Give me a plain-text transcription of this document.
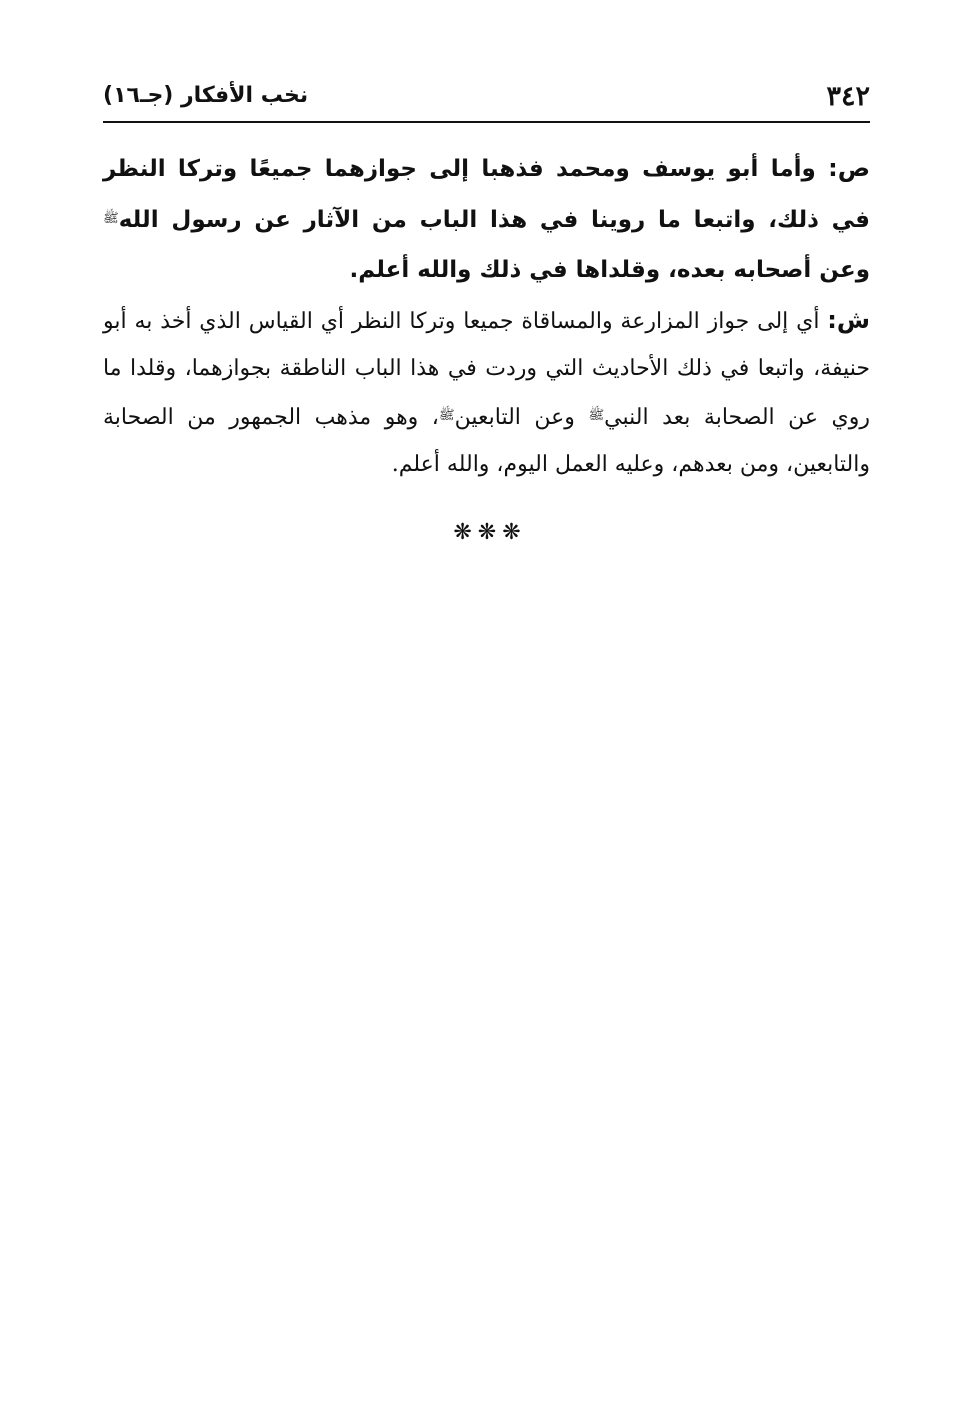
٣٤٢
نخب الأفكار (جـ١٦)
ص: وأما أبو يوسف ومحمد فذهبا إلى جوازهما جميعًا وتركا النظر في ذلك، واتبعا ما روينا في هذا الباب من الآثار عن رسول الله$^ﷺ$ وعن أصحابه بعده، وقلداها في ذلك والله أعلم.
ش: أي إلى جواز المزارعة والمساقاة جميعا وتركا النظر أي القياس الذي أخذ به أبو حنيفة، واتبعا في ذلك الأحاديث التي وردت في هذا الباب الناطقة بجوازهما، وقلدا ما روي عن الصحابة بعد النبي$^ﷺ$ وعن التابعين$^ﷺ$، وهو مذهب الجمهور من الصحابة والتابعين، ومن بعدهم، وعليه العمل اليوم، والله أعلم.
❋❋❋
